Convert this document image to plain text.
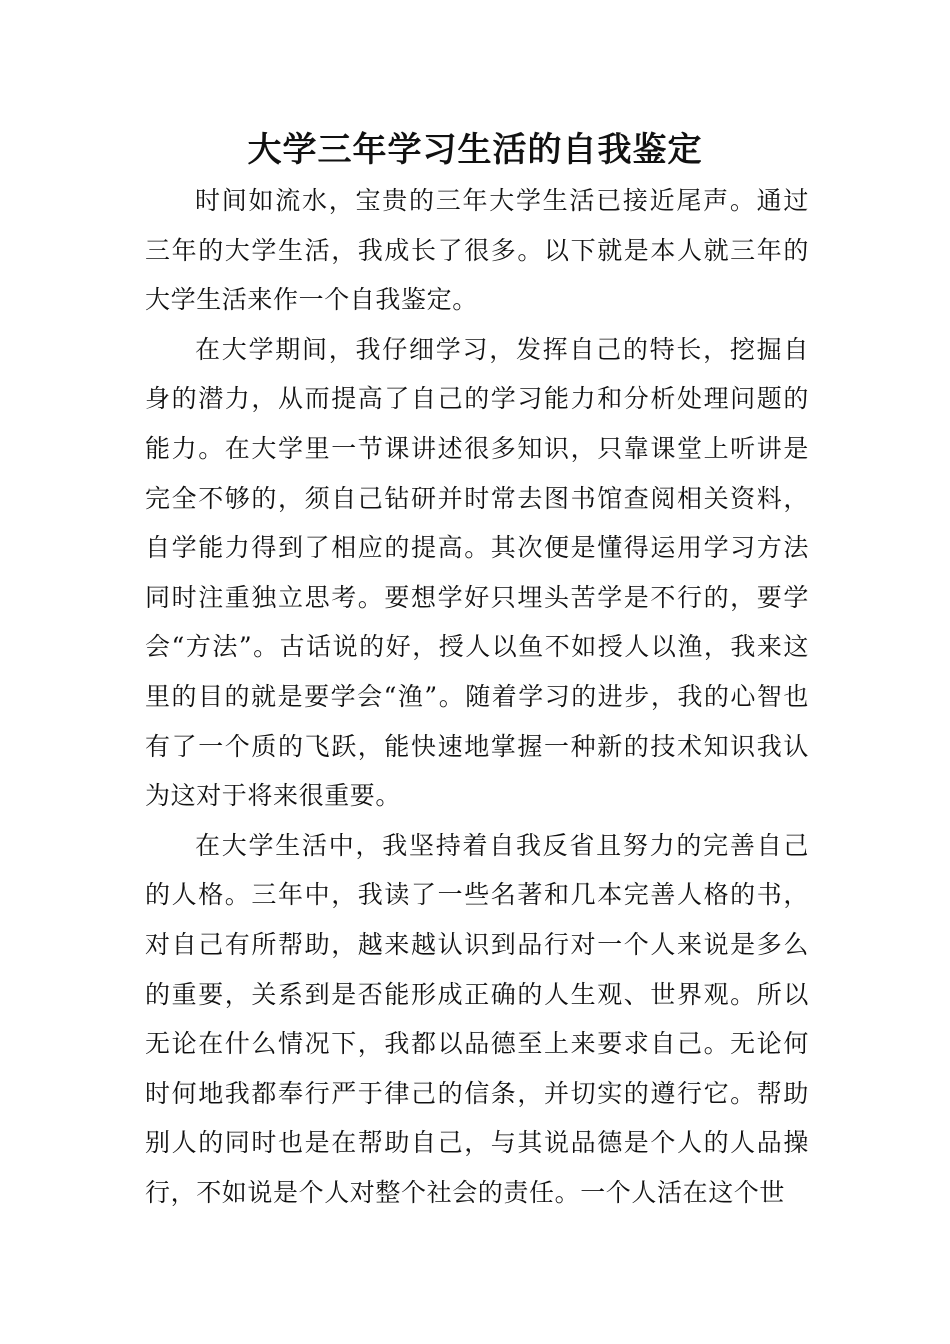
大学三年学习生活的自我鉴定

时间如流水，宝贵的三年大学生活已接近尾声。通过三年的大学生活，我成长了很多。以下就是本人就三年的大学生活来作一个自我鉴定。

在大学期间，我仔细学习，发挥自己的特长，挖掘自身的潜力，从而提高了自己的学习能力和分析处理问题的能力。在大学里一节课讲述很多知识，只靠课堂上听讲是完全不够的，须自己钻研并时常去图书馆查阅相关资料，自学能力得到了相应的提高。其次便是懂得运用学习方法同时注重独立思考。要想学好只埋头苦学是不行的，要学会“方法”。古话说的好，授人以鱼不如授人以渔，我来这里的目的就是要学会“渔”。随着学习的进步，我的心智也有了一个质的飞跃，能快速地掌握一种新的技术知识我认为这对于将来很重要。

在大学生活中，我坚持着自我反省且努力的完善自己的人格。三年中，我读了一些名著和几本完善人格的书，对自己有所帮助，越来越认识到品行对一个人来说是多么的重要，关系到是否能形成正确的人生观、世界观。所以无论在什么情况下，我都以品德至上来要求自己。无论何时何地我都奉行严于律己的信条，并切实的遵行它。帮助别人的同时也是在帮助自己，与其说品德是个人的人品操行，不如说是个人对整个社会的责任。一个人活在这个世
